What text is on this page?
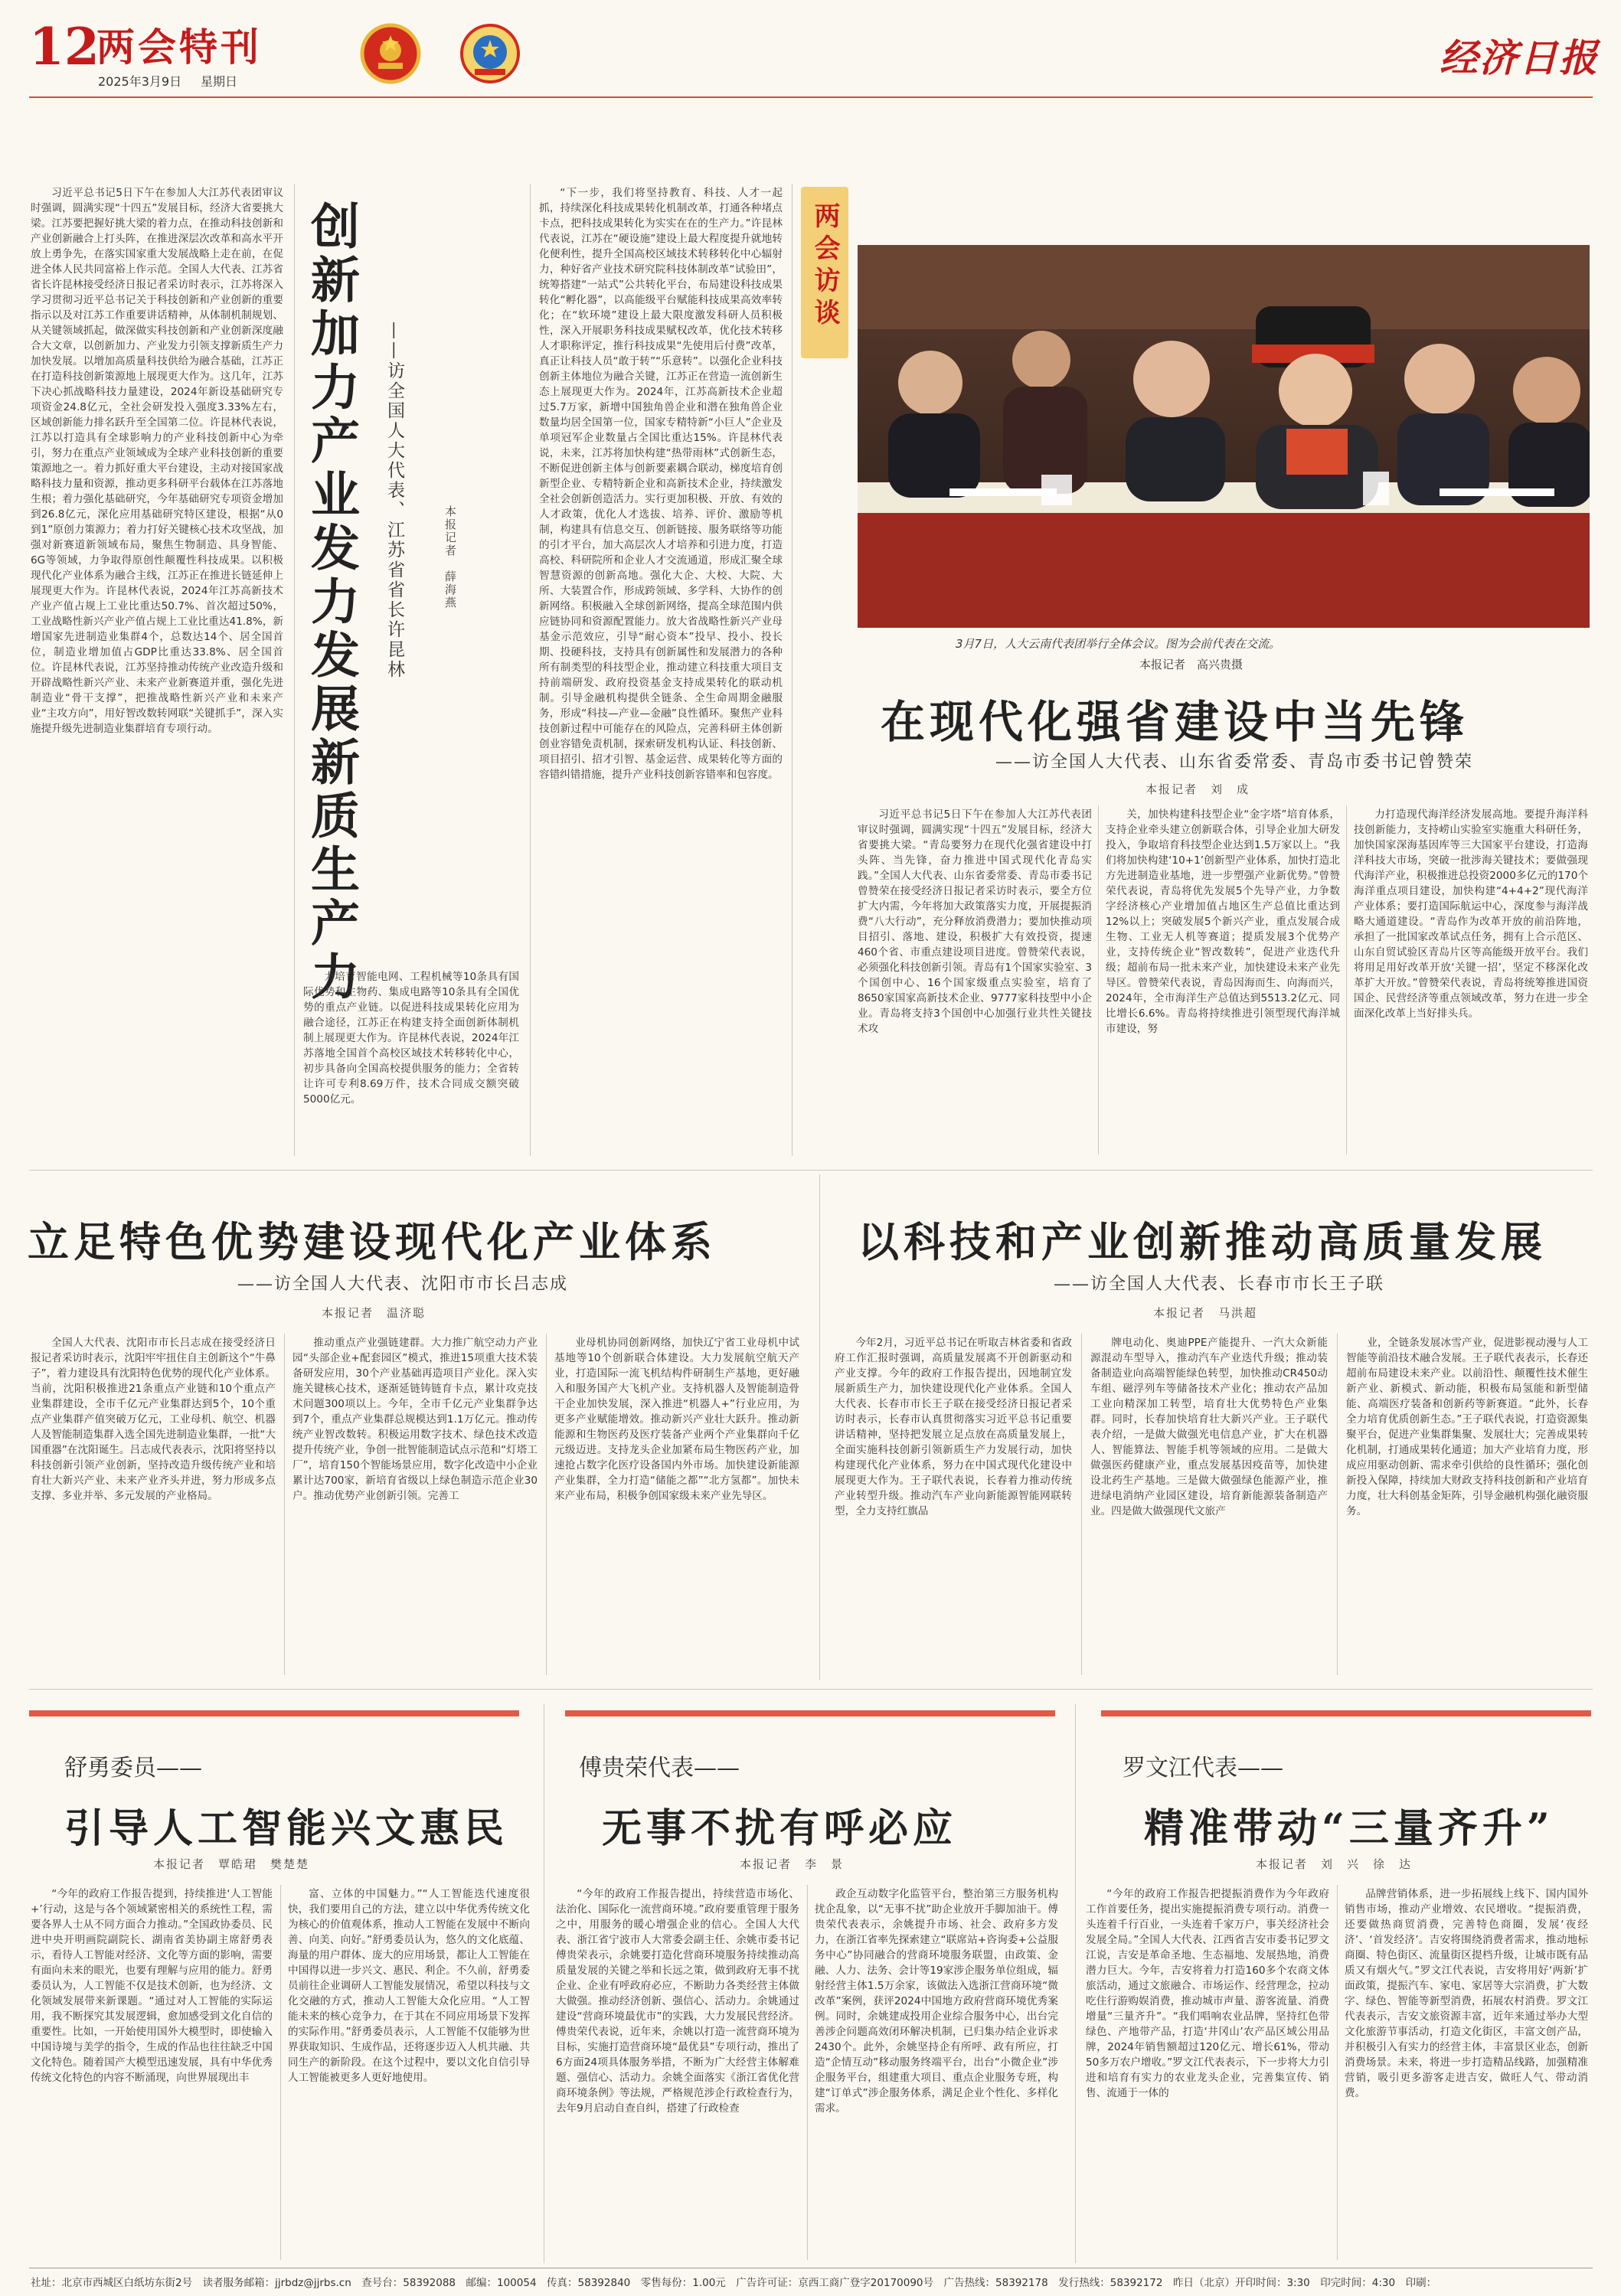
12
两会特刊
2025年3月9日 星期日
经济日报
习近平总书记5日下午在参加人大江苏代表团审议时强调，圆满实现“十四五”发展目标，经济大省要挑大梁。江苏要把握好挑大梁的着力点，在推动科技创新和产业创新融合上打头阵，在推进深层次改革和高水平开放上勇争先，在落实国家重大发展战略上走在前，在促进全体人民共同富裕上作示范。全国人大代表、江苏省省长许昆林接受经济日报记者采访时表示，江苏将深入学习贯彻习近平总书记关于科技创新和产业创新的重要指示以及对江苏工作重要讲话精神，从体制机制规划、从关键领域抓起，做深做实科技创新和产业创新深度融合大文章，以创新加力、产业发力引领支撑新质生产力加快发展。以增加高质量科技供给为融合基础，江苏正在打造科技创新策源地上展现更大作为。这几年，江苏下决心抓战略科技力量建设，2024年新设基础研究专项资金24.8亿元，全社会研发投入强度3.33%左右，区域创新能力排名跃升至全国第二位。许昆林代表说，江苏以打造具有全球影响力的产业科技创新中心为牵引，努力在重点产业领域成为全球产业科技创新的重要策源地之一。着力抓好重大平台建设，主动对接国家战略科技力量和资源，推动更多科研平台载体在江苏落地生根；着力强化基础研究，今年基础研究专项资金增加到26.8亿元，深化应用基础研究特区建设，根据“从0到1”原创力策源力；着力打好关键核心技术攻坚战，加强对新赛道新领域布局，聚焦生物制造、具身智能、6G等领域，力争取得原创性颠覆性科技成果。以积极现代化产业体系为融合主线，江苏正在推进长链延伸上展现更大作为。许昆林代表说，2024年江苏高新技术产业产值占规上工业比重达50.7%、首次超过50%，工业战略性新兴产业产值占规上工业比重达41.8%，新增国家先进制造业集群4个，总数达14个、居全国首位，制造业增加值占GDP比重达33.8%、居全国首位。许昆林代表说，江苏坚持推动传统产业改造升级和开辟战略性新兴产业、未来产业新赛道并重，强化先进制造业“骨干支撑”，把推战略性新兴产业和未来产业“主攻方向”，用好智改数转网联“关键抓手”，深入实施提升级先进制造业集群培育专项行动。	创新加力产业发力发展新质生产力 ——访全国人大代表、江苏省省长许昆林	本报记者　薛海燕
力培育智能电网、工程机械等10条具有国际优势和生物药、集成电路等10条具有全国优势的重点产业链。以促进科技成果转化应用为融合途径，江苏正在构建支持全面创新体制机制上展现更大作为。许昆林代表说，2024年江苏落地全国首个高校区域技术转移转化中心，初步具备向全国高校提供服务的能力；全省转让许可专利8.69万件，技术合同成交额突破5000亿元。
“下一步，我们将坚持教育、科技、人才一起抓，持续深化科技成果转化机制改革，打通各种堵点卡点，把科技成果转化为实实在在的生产力。”许昆林代表说，江苏在“硬设施”建设上最大程度提升就地转化便利性，提升全国高校区域技术转移转化中心辐射力，种好省产业技术研究院科技体制改革“试验田”，统筹搭建“一站式”公共转化平台，布局建设科技成果转化“孵化器”，以高能级平台赋能科技成果高效率转化；在“软环境”建设上最大限度激发科研人员积极性，深入开展职务科技成果赋权改革，优化技术转移人才职称评定，推行科技成果“先使用后付费”改革，真正让科技人员“敢于转”“乐意转”。以强化企业科技创新主体地位为融合关键，江苏正在营造一流创新生态上展现更大作为。2024年，江苏高新技术企业超过5.7万家，新增中国独角兽企业和潜在独角兽企业数量均居全国第一位，国家专精特新“小巨人”企业及单项冠军企业数量占全国比重达15%。许昆林代表说，未来，江苏将加快构建“热带雨林”式创新生态，不断促进创新主体与创新要素耦合联动，梯度培育创新型企业、专精特新企业和高新技术企业，持续激发全社会创新创造活力。实行更加积极、开放、有效的人才政策，优化人才选拔、培养、评价、激励等机制，构建具有信息交互、创新链接、服务联络等功能的引才平台，加大高层次人才培养和引进力度，打造高校、科研院所和企业人才交流通道，形成汇聚全球智慧资源的创新高地。强化大企、大校、大院、大所、大装置合作，形成跨领域、多学科、大协作的创新网络。积极融入全球创新网络，提高全球范围内供应链协同和资源配置能力。放大省战略性新兴产业母基金示范效应，引导“耐心资本”投早、投小、投长期、投硬科技，支持具有创新属性和发展潜力的各种所有制类型的科技型企业，推动建立科技重大项目支持前端研发、政府投资基金支持成果转化的联动机制。引导金融机构提供全链条、全生命周期金融服务，形成“科技—产业—金融”良性循环。聚焦产业科技创新过程中可能存在的风险点，完善科研主体创新创业容错免责机制，探索研发机构认证、科技创新、项目招引、招才引智、基金运营、成果转化等方面的容错纠错措施，提升产业科技创新容错率和包容度。
两会访谈
3月7日，人大云南代表团举行全体会议。图为会前代表在交流。
本报记者　高兴贵摄
在现代化强省建设中当先锋
——访全国人大代表、山东省委常委、青岛市委书记曾赞荣
本报记者　刘　成
习近平总书记5日下午在参加人大江苏代表团审议时强调，圆满实现“十四五”发展目标，经济大省要挑大梁。“青岛要努力在现代化强省建设中打头阵、当先锋，奋力推进中国式现代化青岛实践。”全国人大代表、山东省委常委、青岛市委书记曾赞荣在接受经济日报记者采访时表示，要全方位扩大内需，今年将加大政策落实力度，开展提振消费“八大行动”，充分释放消费潜力；要加快推动项目招引、落地、建设，积极扩大有效投资，提速460个省、市重点建设项目进度。曾赞荣代表说，必须强化科技创新引领。青岛有1个国家实验室、3个国创中心、16个国家级重点实验室，培育了8650家国家高新技术企业、9777家科技型中小企业。青岛将支持3个国创中心加强行业共性关键技术攻
关，加快构建科技型企业“金字塔”培育体系，支持企业牵头建立创新联合体，引导企业加大研发投入，争取培育科技型企业达到1.5万家以上。“我们将加快构建‘10+1’创新型产业体系，加快打造北方先进制造业基地，进一步塑强产业新优势。”曾赞荣代表说，青岛将优先发展5个先导产业，力争数字经济核心产业增加值占地区生产总值比重达到12%以上；突破发展5个新兴产业，重点发展合成生物、工业无人机等赛道；提质发展3个优势产业，支持传统企业“智改数转”，促进产业迭代升级；超前布局一批未来产业，加快建设未来产业先导区。曾赞荣代表说，青岛因海而生、向海而兴，2024年，全市海洋生产总值达到5513.2亿元、同比增长6.6%。青岛将持续推进引领型现代海洋城市建设，努
力打造现代海洋经济发展高地。要提升海洋科技创新能力，支持崂山实验室实施重大科研任务，加快国家深海基因库等三大国家平台建设，打造海洋科技大市场，突破一批涉海关键技术；要做强现代海洋产业，积极推进总投资2000多亿元的170个海洋重点项目建设，加快构建“4+4+2”现代海洋产业体系；要打造国际航运中心，深度参与海洋战略大通道建设。“青岛作为改革开放的前沿阵地，承担了一批国家改革试点任务，拥有上合示范区、山东自贸试验区青岛片区等高能级开放平台。我们将用足用好改革开放‘关键一招’，坚定不移深化改革扩大开放。”曾赞荣代表说，青岛将统筹推进国资国企、民营经济等重点领域改革，努力在进一步全面深化改革上当好排头兵。
立足特色优势建设现代化产业体系
——访全国人大代表、沈阳市市长吕志成
本报记者　温济聪
全国人大代表、沈阳市市长吕志成在接受经济日报记者采访时表示，沈阳牢牢扭住自主创新这个“牛鼻子”，着力建设具有沈阳特色优势的现代化产业体系。当前，沈阳积极推进21条重点产业链和10个重点产业集群建设，全市千亿元产业集群达到5个，10个重点产业集群产值突破万亿元，工业母机、航空、机器人及智能制造集群入选全国先进制造业集群，一批“大国重器”在沈阳诞生。吕志成代表表示，沈阳将坚持以科技创新引领产业创新，坚持改造升级传统产业和培育壮大新兴产业、未来产业齐头并进，努力形成多点支撑、多业并举、多元发展的产业格局。
推动重点产业强链建群。大力推广航空动力产业园“头部企业+配套园区”模式，推进15项重大技术装备研发应用，30个产业基础再造项目产业化。深入实施关键核心技术，逐渐延链铸链育卡点，累计攻克技术问题300项以上。今年，全市千亿元产业集群争达到7个，重点产业集群总规模达到1.1万亿元。推动传统产业智改数转。积极运用数字技术、绿色技术改造提升传统产业，争创一批智能制造试点示范和“灯塔工厂”，培育150个智能场景应用，数字化改造中小企业累计达700家，新培育省级以上绿色制造示范企业30户。推动优势产业创新引领。完善工
业母机协同创新网络，加快辽宁省工业母机中试基地等10个创新联合体建设。大力发展航空航天产业，打造国际一流飞机结构件研制生产基地，更好融入和服务国产大飞机产业。支持机器人及智能制造骨干企业加快发展，深入推进“机器人+”行业应用，为更多产业赋能增效。推动新兴产业壮大跃升。推动新能源和生物医药及医疗装备产业两个产业集群向千亿元级迈进。支持龙头企业加紧布局生物医药产业，加速抢占数字化医疗设备国内外市场。加快建设新能源产业集群，全力打造“储能之都”“北方氢都”。加快未来产业布局，积极争创国家级未来产业先导区。
以科技和产业创新推动高质量发展
——访全国人大代表、长春市市长王子联
本报记者　马洪超
今年2月，习近平总书记在听取吉林省委和省政府工作汇报时强调，高质量发展离不开创新驱动和产业支撑。今年的政府工作报告提出，因地制宜发展新质生产力，加快建设现代化产业体系。全国人大代表、长春市市长王子联在接受经济日报记者采访时表示，长春市认真贯彻落实习近平总书记重要讲话精神，坚持把发展立足点放在高质量发展上，全面实施科技创新引领新质生产力发展行动，加快构建现代化产业体系，努力在中国式现代化建设中展现更大作为。王子联代表说，长春着力推动传统产业转型升级。推动汽车产业向新能源智能网联转型，全力支持红旗品
牌电动化、奥迪PPE产能提升、一汽大众新能源混动车型导入，推动汽车产业迭代升级；推动装备制造业向高端智能绿色转型，加快推动CR450动车组、磁浮列车等储备技术产业化；推动农产品加工业向精深加工转型，培育壮大优势特色产业集群。同时，长春加快培育壮大新兴产业。王子联代表介绍，一是做大做强光电信息产业，扩大在机器人、智能算法、智能手机等领域的应用。二是做大做强医药健康产业，重点发展基因疫苗等，加快建设北药生产基地。三是做大做强绿色能源产业，推进绿电消纳产业园区建设，培育新能源装备制造产业。四是做大做强现代文旅产
业，全链条发展冰雪产业，促进影视动漫与人工智能等前沿技术融合发展。王子联代表表示，长春还超前布局建设未来产业。以前沿性、颠覆性技术催生新产业、新模式、新动能，积极布局氢能和新型储能、高端医疗装备和创新药等新赛道。“此外，长春全力培育优质创新生态。”王子联代表说，打造资源集聚平台，促进产业集群集聚、发展壮大；完善成果转化机制，打通成果转化通道；加大产业培育力度，形成应用驱动创新、需求牵引供给的良性循环；强化创新投入保障，持续加大财政支持科技创新和产业培育力度，壮大科创基金矩阵，引导金融机构强化融资服务。
舒勇委员——
引导人工智能兴文惠民
本报记者　覃皓珺　樊楚楚
“今年的政府工作报告提到，持续推进‘人工智能+’行动，这是与各个领域紧密相关的系统性工程，需要各界人士从不同方面合力推动。”全国政协委员、民进中央开明画院副院长、湖南省美协副主席舒勇表示，看待人工智能对经济、文化等方面的影响，需要有面向未来的眼光，也要有理解与应用的能力。舒勇委员认为，人工智能不仅是技术创新，也为经济、文化领域发展带来新课题。“通过对人工智能的实际运用，我不断探究其发展逻辑，愈加感受到文化自信的重要性。比如，一开始使用国外大模型时，即使输入中国诗境与美学的指令，生成的作品也往往缺乏中国文化特色。随着国产大模型迅速发展，具有中华优秀传统文化特色的内容不断涌现，向世界展现出丰
富、立体的中国魅力。”“人工智能迭代速度很快，我们要用自己的方法，建立以中华优秀传统文化为核心的价值观体系，推动人工智能在发展中不断向善、向美、向好。”舒勇委员认为，悠久的文化底蕴、海量的用户群体、庞大的应用场景，都让人工智能在中国得以进一步兴文、惠民、利企。不久前，舒勇委员前往企业调研人工智能发展情况，希望以科技与文化交融的方式，推动人工智能大众化应用。“人工智能未来的核心竞争力，在于其在不同应用场景下发挥的实际作用。”舒勇委员表示，人工智能不仅能够为世界获取知识、生成作品，还将逐步迈入人机共融、共同生产的新阶段。在这个过程中，要以文化自信引导人工智能被更多人更好地使用。
傅贵荣代表——
无事不扰有呼必应
本报记者　李　景
“今年的政府工作报告提出，持续营造市场化、法治化、国际化一流营商环境。”政府要重管理于服务之中，用服务的暖心增强企业的信心。全国人大代表、浙江省宁波市人大常委会副主任、余姚市委书记傅贵荣表示，余姚要打造化营商环境服务持续推动高质量发展的关键之举和长远之策，做到政府无事不扰企业、企业有呼政府必应，不断助力各类经营主体做大做强。推动经济创新、强信心、活动力。余姚通过建设“营商环境最优市”的实践，大力发展民营经济。傅贵荣代表说，近年来，余姚以打造一流营商环境为目标，实施打造营商环境“最优县”专项行动，推出了6方面24项具体服务举措，不断为广大经营主体解难题、强信心、活动力。余姚全面落实《浙江省优化营商环境条例》等法规，严格规范涉企行政检查行为，去年9月启动自查自纠，搭建了行政检查
政企互动数字化监管平台，整治第三方服务机构扰企乱象，以“无事不扰”助企业放开手脚加油干。傅贵荣代表表示，余姚提升市场、社会、政府多方发力，在浙江省率先探索建立“联席站+咨询委+公益服务中心”协同融合的营商环境服务联盟，由政策、金融、人力、法务、会计等19家涉企服务单位组成，辐射经营主体1.5万余家，该做法入选浙江营商环境“微改革”案例，获评2024中国地方政府营商环境优秀案例。同时，余姚建成投用企业综合服务中心，出台完善涉企问题高效闭环解决机制，已归集办结企业诉求2430个。此外，余姚坚持企有所呼、政有所应，打造“企情互动”移动服务终端平台，出台“小微企业”涉企服务平台，组建重大项目、重点企业服务专班，构建“订单式”涉企服务体系，满足企业个性化、多样化需求。
罗文江代表——
精准带动“三量齐升”
本报记者　刘　兴　徐　达
“今年的政府工作报告把提振消费作为今年政府工作首要任务，提出实施提振消费专项行动。消费一头连着千行百业，一头连着千家万户，事关经济社会发展全局。”全国人大代表、江西省吉安市委书记罗文江说，吉安是革命圣地、生态福地、发展热地，消费潜力巨大。今年，吉安将着力打造160多个农商文体旅活动，通过文旅融合、市场运作、经营理念，拉动吃住行游购娱消费，推动城市声量、游客流量、消费增量“三量齐升”。“我们唱响农业品牌，坚持红色带绿色、产地带产品，打造‘井冈山’农产品区域公用品牌，2024年销售额超过120亿元、增长61%，带动50多万农户增收。”罗文江代表表示，下一步将大力引进和培育有实力的农业龙头企业，完善集宣传、销售、流通于一体的
品牌营销体系，进一步拓展线上线下、国内国外销售市场，推动产业增效、农民增收。“提振消费，还要做热商贸消费，完善特色商圈，发展‘夜经济’、‘首发经济’。吉安将围绕消费者需求，推动地标商圈、特色街区、流量街区提档升级，让城市既有品质又有烟火气。”罗文江代表说，吉安将用好‘两新’扩面政策，提振汽车、家电、家居等大宗消费，扩大数字、绿色、智能等新型消费，拓展农村消费。罗文江代表表示，吉安文旅资源丰富，近年来通过举办大型文化旅游节事活动，打造文化街区，丰富文创产品，并积极引入有实力的经营主体，丰富景区业态，创新消费场景。未来，将进一步打造精品线路，加强精准营销，吸引更多游客走进吉安，做旺人气、带动消费。
社址：北京市西城区白纸坊东街2号　读者服务邮箱：jjrbdz@jjrbs.cn　查号台：58392088　邮编：100054　传真：58392840　零售每份：1.00元　广告许可证：京西工商广登字20170090号　广告热线：58392178　发行热线：58392172　昨日（北京）开印时间：3:30　印完时间：4:30　印刷：
